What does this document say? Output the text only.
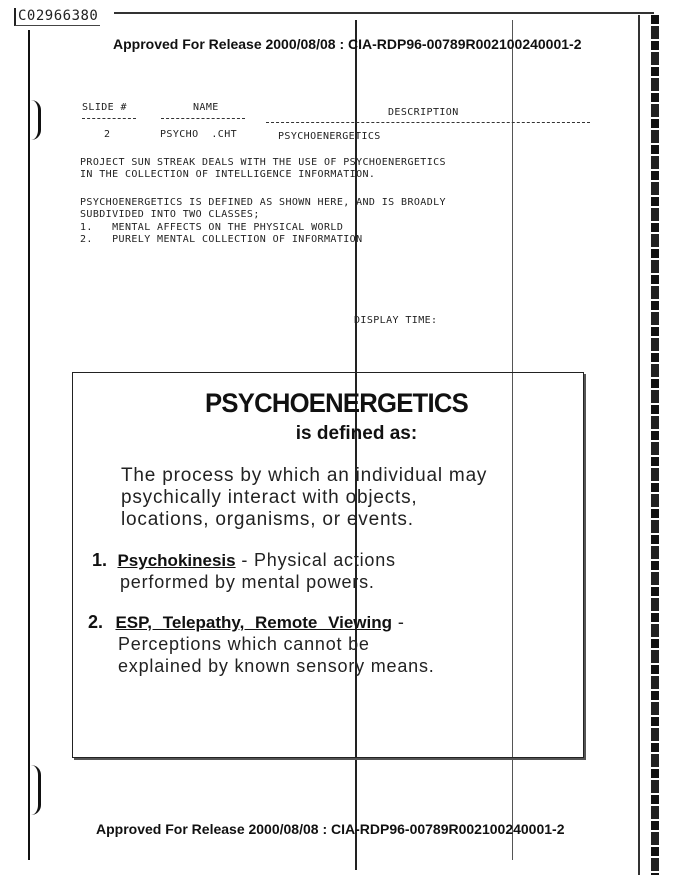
C02966380
Approved For Release 2000/08/08 : CIA-RDP96-00789R002100240001-2
SLIDE #	NAME	DESCRIPTION
2	PSYCHO  .CHT	PSYCHOENERGETICS
PROJECT SUN STREAK DEALS WITH THE USE OF PSYCHOENERGETICS
IN THE COLLECTION OF INTELLIGENCE INFORMATION.
PSYCHOENERGETICS IS DEFINED AS SHOWN HERE, AND IS BROADLY
SUBDIVIDED INTO TWO CLASSES;
1.   MENTAL AFFECTS ON THE PHYSICAL WORLD
2.   PURELY MENTAL COLLECTION OF INFORMATION
DISPLAY TIME:
PSYCHOENERGETICS
is defined as:
The process by which an individual may
psychically interact with objects,
locations, organisms, or events.
1. Psychokinesis - Physical actions
performed by mental powers.
2. ESP, Telepathy, Remote Viewing -
Perceptions which cannot be
explained by known sensory means.
Approved For Release 2000/08/08 : CIA-RDP96-00789R002100240001-2
